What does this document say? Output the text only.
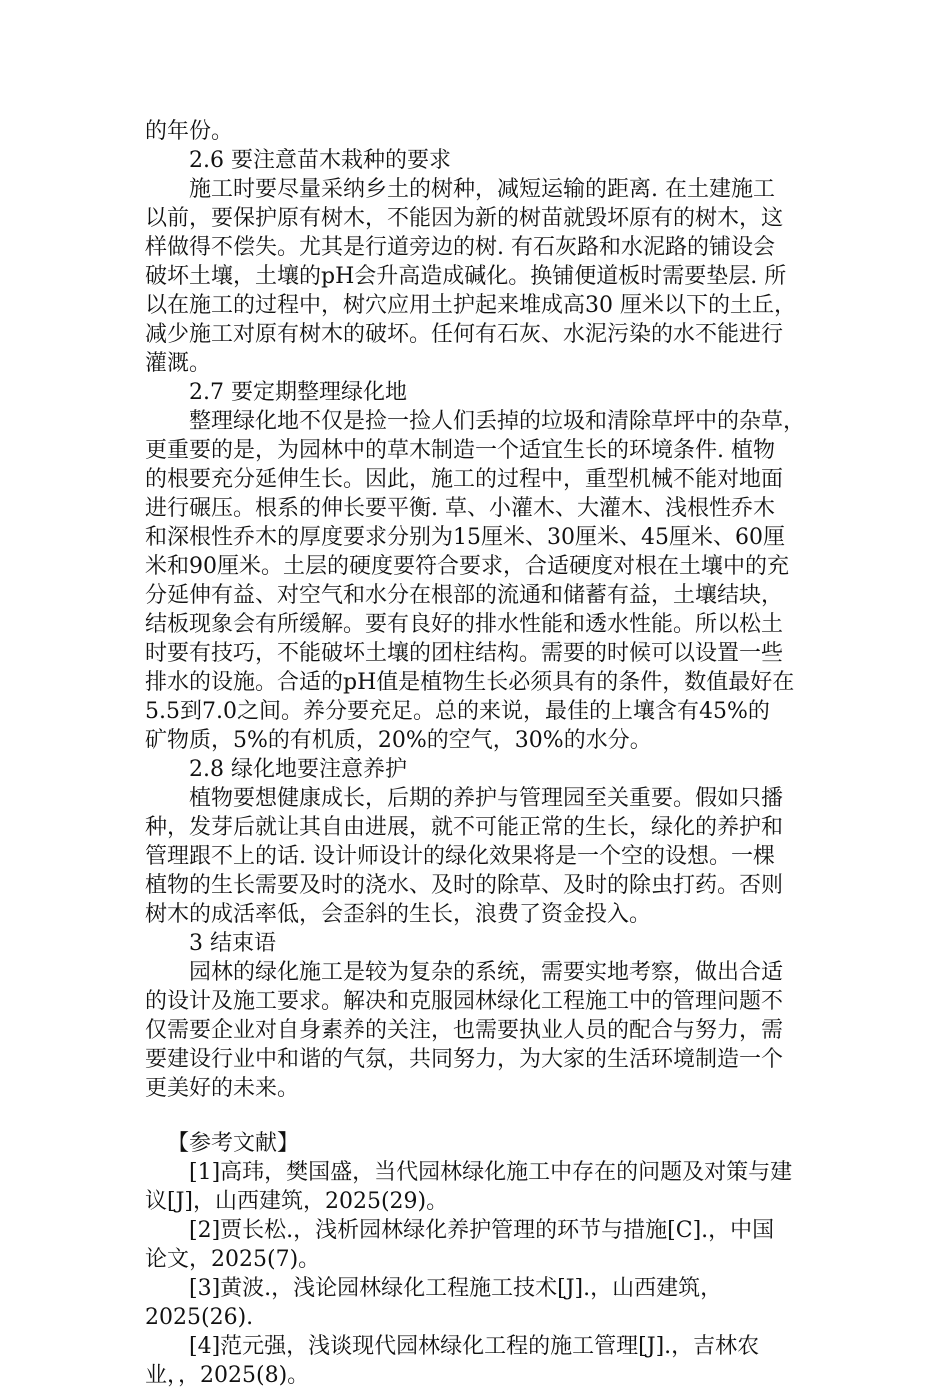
的年份。
2.6 要注意苗木栽种的要求
施工时要尽量采纳乡土的树种，减短运输的距离. 在土建施工
以前，要保护原有树木，不能因为新的树苗就毁坏原有的树木，这
样做得不偿失。尤其是行道旁边的树. 有石灰路和水泥路的铺设会
破坏土壤，土壤的pH会升高造成碱化。换铺便道板时需要垫层. 所
以在施工的过程中，树穴应用土护起来堆成高30 厘米以下的土丘，
减少施工对原有树木的破坏。任何有石灰、水泥污染的水不能进行
灌溉。
2.7 要定期整理绿化地
整理绿化地不仅是捡一捡人们丢掉的垃圾和清除草坪中的杂草，
更重要的是，为园林中的草木制造一个适宜生长的环境条件. 植物
的根要充分延伸生长。因此，施工的过程中，重型机械不能对地面
进行碾压。根系的伸长要平衡. 草、小灌木、大灌木、浅根性乔木
和深根性乔木的厚度要求分别为15厘米、30厘米、45厘米、60厘
米和90厘米。土层的硬度要符合要求，合适硬度对根在土壤中的充
分延伸有益、对空气和水分在根部的流通和储蓄有益，土壤结块，
结板现象会有所缓解。要有良好的排水性能和透水性能。所以松土
时要有技巧，不能破坏土壤的团柱结构。需要的时候可以设置一些
排水的设施。合适的pH值是植物生长必须具有的条件，数值最好在
5.5到7.0之间。养分要充足。总的来说，最佳的上壤含有45%的
矿物质，5%的有机质，20%的空气，30%的水分。
2.8 绿化地要注意养护
植物要想健康成长，后期的养护与管理园至关重要。假如只播
种，发芽后就让其自由进展，就不可能正常的生长，绿化的养护和
管理跟不上的话. 设计师设计的绿化效果将是一个空的设想。一棵
植物的生长需要及时的浇水、及时的除草、及时的除虫打药。否则
树木的成活率低，会歪斜的生长，浪费了资金投入。
3 结束语
园林的绿化施工是较为复杂的系统，需要实地考察，做出合适
的设计及施工要求。解决和克服园林绿化工程施工中的管理问题不
仅需要企业对自身素养的关注，也需要执业人员的配合与努力，需
要建设行业中和谐的气氛，共同努力，为大家的生活环境制造一个
更美好的未来。
【参考文献】
[1]高玮，樊国盛，当代园林绿化施工中存在的问题及对策与建
议[J]，山西建筑，2025(29)。
[2]贾长松.，浅析园林绿化养护管理的环节与措施[C].，中国
论文，2025(7)。
[3]黄波.，浅论园林绿化工程施工技术[J].，山西建筑，
2025(26).
[4]范元强，浅谈现代园林绿化工程的施工管理[J].，吉林农
业，，2025(8)。
